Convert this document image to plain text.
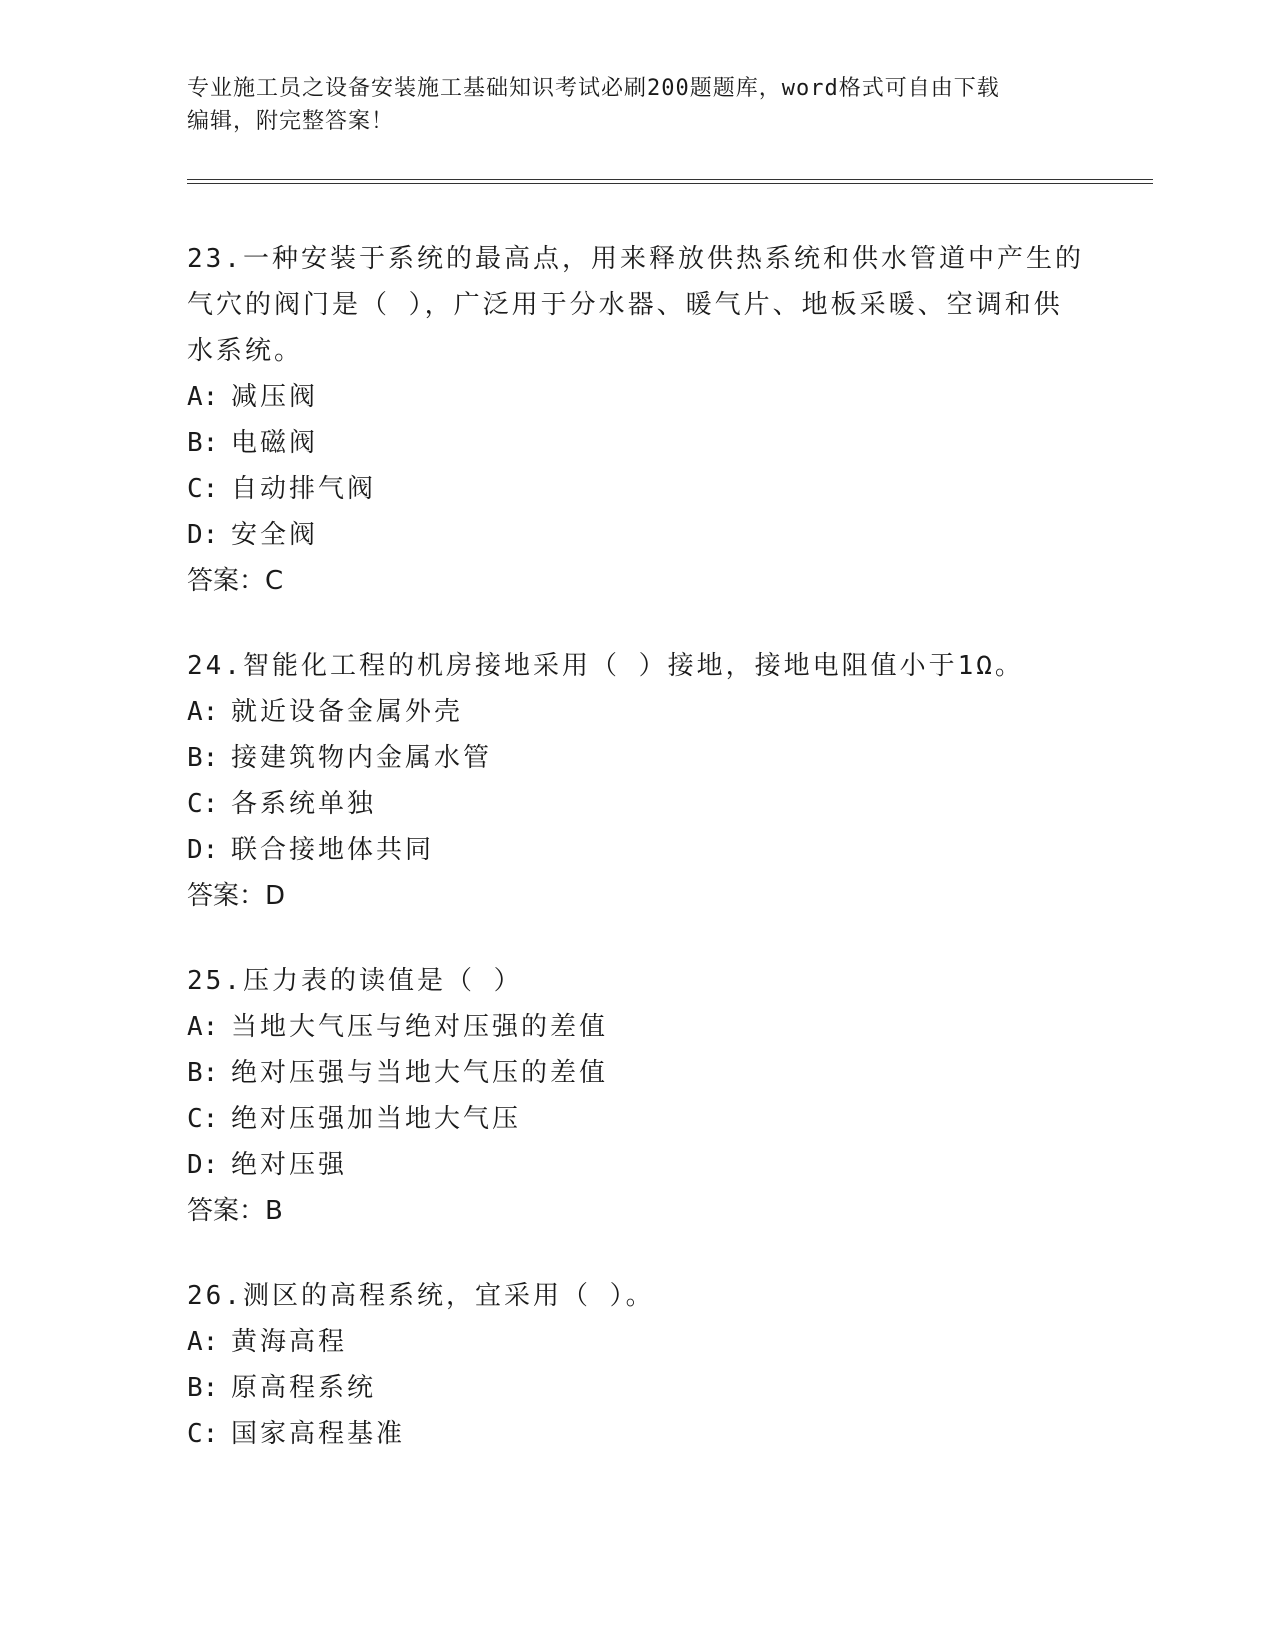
专业施工员之设备安装施工基础知识考试必刷200题题库，word格式可自由下载
编辑，附完整答案！
23.一种安装于系统的最高点，用来释放供热系统和供水管道中产生的气穴的阀门是（ ），广泛用于分水器、暖气片、地板采暖、空调和供水系统。
A: 减压阀
B: 电磁阀
C: 自动排气阀
D: 安全阀
答案：C
24.智能化工程的机房接地采用（ ）接地，接地电阻值小于1Ω。
A: 就近设备金属外壳
B: 接建筑物内金属水管
C: 各系统单独
D: 联合接地体共同
答案：D
25.压力表的读值是（ ）
A: 当地大气压与绝对压强的差值
B: 绝对压强与当地大气压的差值
C: 绝对压强加当地大气压
D: 绝对压强
答案：B
26.测区的高程系统，宜采用（ ）。
A: 黄海高程
B: 原高程系统
C: 国家高程基准
